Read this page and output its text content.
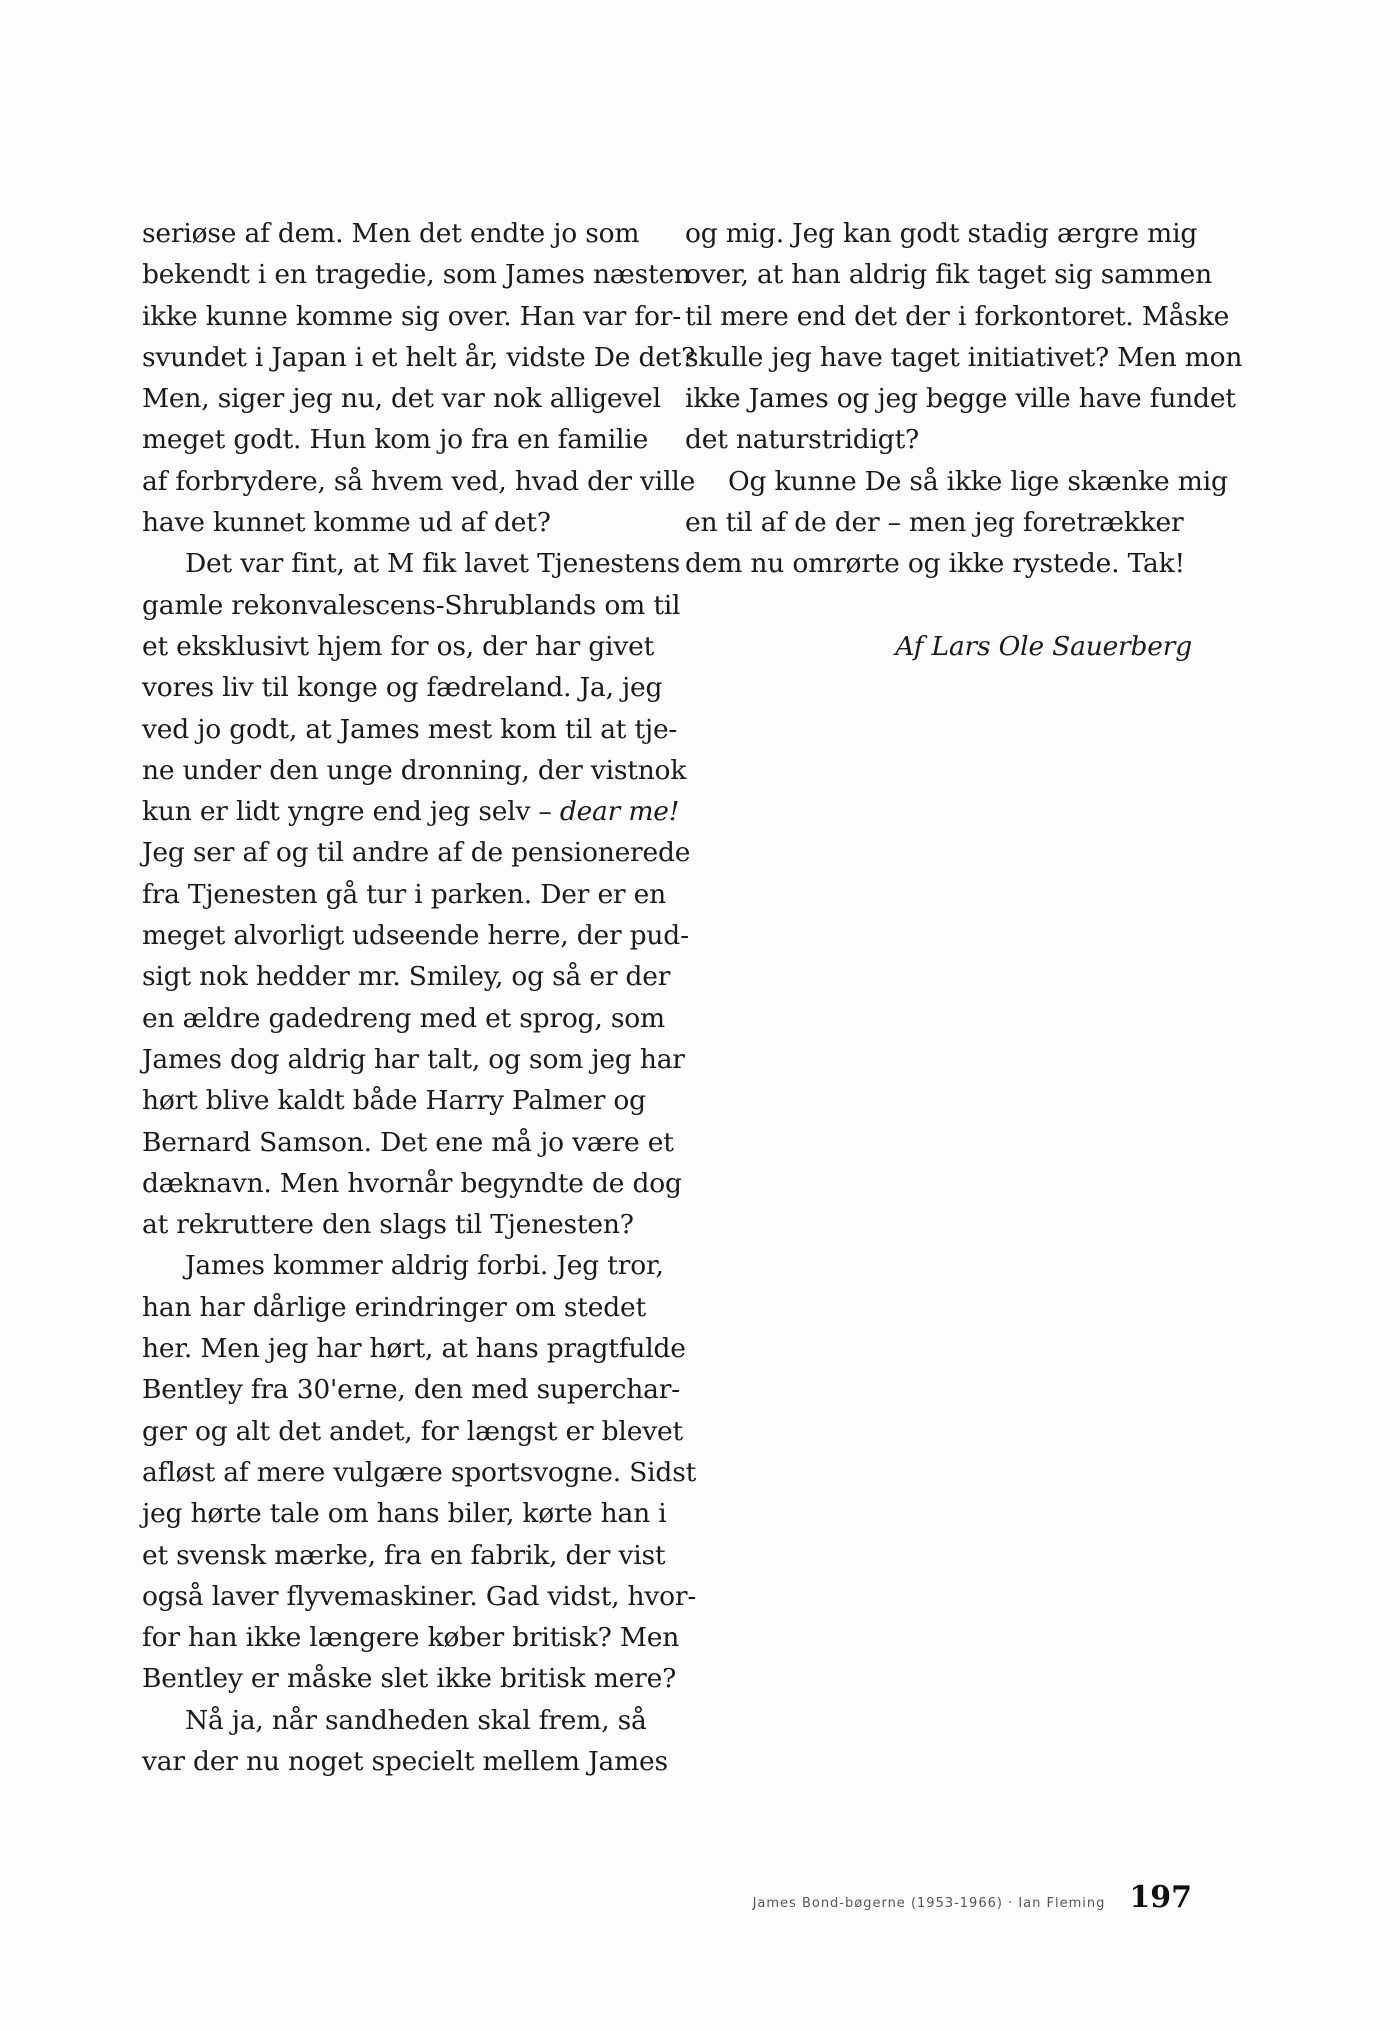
seriøse af dem. Men det endte jo som
bekendt i en tragedie, som James næsten
ikke kunne komme sig over. Han var for-
svundet i Japan i et helt år, vidste De det?
Men, siger jeg nu, det var nok alligevel
meget godt. Hun kom jo fra en familie
af forbrydere, så hvem ved, hvad der ville
have kunnet komme ud af det?
Det var fint, at M fik lavet Tjenestens
gamle rekonvalescens-Shrublands om til
et eksklusivt hjem for os, der har givet
vores liv til konge og fædreland. Ja, jeg
ved jo godt, at James mest kom til at tje-
ne under den unge dronning, der vistnok
kun er lidt yngre end jeg selv – dear me!
Jeg ser af og til andre af de pensionerede
fra Tjenesten gå tur i parken. Der er en
meget alvorligt udseende herre, der pud-
sigt nok hedder mr. Smiley, og så er der
en ældre gadedreng med et sprog, som
James dog aldrig har talt, og som jeg har
hørt blive kaldt både Harry Palmer og
Bernard Samson. Det ene må jo være et
dæknavn. Men hvornår begyndte de dog
at rekruttere den slags til Tjenesten?
James kommer aldrig forbi. Jeg tror,
han har dårlige erindringer om stedet
her. Men jeg har hørt, at hans pragtfulde
Bentley fra 30'erne, den med superchar-
ger og alt det andet, for længst er blevet
afløst af mere vulgære sportsvogne. Sidst
jeg hørte tale om hans biler, kørte han i
et svensk mærke, fra en fabrik, der vist
også laver flyvemaskiner. Gad vidst, hvor-
for han ikke længere køber britisk? Men
Bentley er måske slet ikke britisk mere?
Nå ja, når sandheden skal frem, så
var der nu noget specielt mellem James
og mig. Jeg kan godt stadig ærgre mig
over, at han aldrig fik taget sig sammen
til mere end det der i forkontoret. Måske
skulle jeg have taget initiativet? Men mon
ikke James og jeg begge ville have fundet
det naturstridigt?
Og kunne De så ikke lige skænke mig
en til af de der – men jeg foretrækker
dem nu omrørte og ikke rystede. Tak!
Af Lars Ole Sauerberg
James Bond-bøgerne (1953-1966) · Ian Fleming 197
